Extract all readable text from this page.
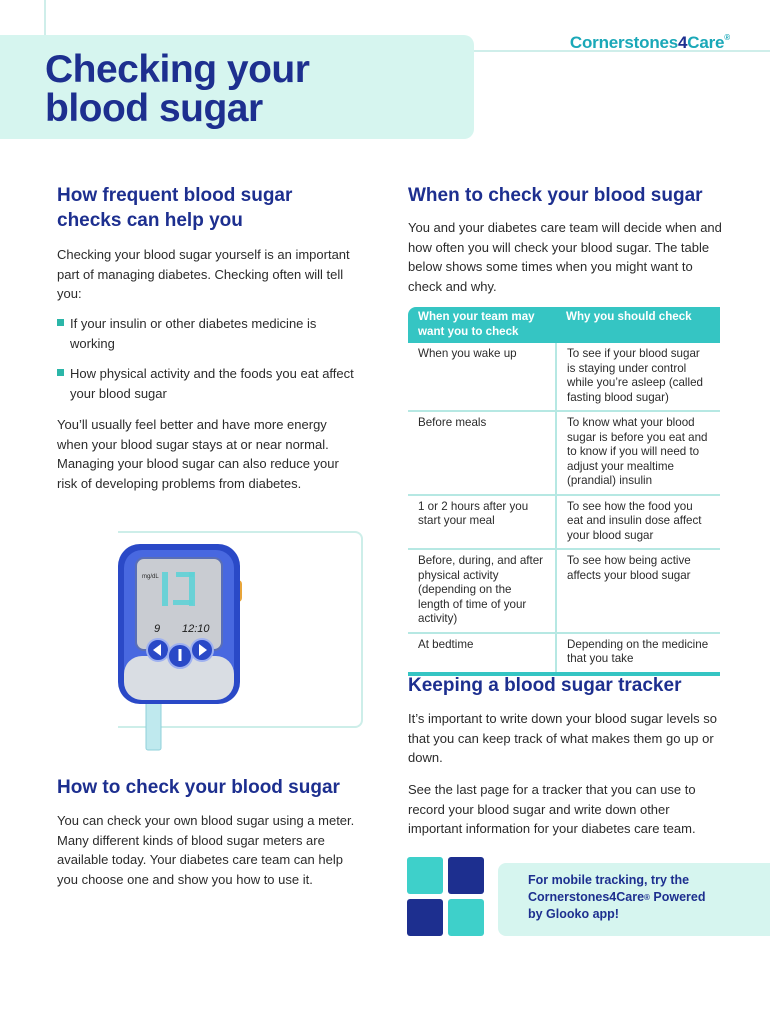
Checking your
blood sugar
Cornerstones4Care®
How frequent blood sugar checks can help you

Checking your blood sugar yourself is an important part of managing diabetes. Checking often will tell you:

If your insulin or other diabetes medicine is working
How physical activity and the foods you eat affect your blood sugar

You’ll usually feel better and have more energy when your blood sugar stays at or near normal. Managing your blood sugar can also reduce your risk of developing problems from diabetes.

mg/dL
9 12:10
How to check your blood sugar

You can check your own blood sugar using a meter. Many different kinds of blood sugar meters are available today. Your diabetes care team can help you choose one and show you how to use it.

When to check your blood sugar

You and your diabetes care team will decide when and how often you will check your blood sugar. The table below shows some times when you might want to check and why.

When your team may want you to check	Why you should check
When you wake up	To see if your blood sugar is staying under control while you’re asleep (called fasting blood sugar)
Before meals	To know what your blood sugar is before you eat and to know if you will need to adjust your mealtime (prandial) insulin
1 or 2 hours after you start your meal	To see how the food you eat and insulin dose affect your blood sugar
Before, during, and after physical activity (depending on the length of time of your activity)	To see how being active affects your blood sugar
At bedtime	Depending on the medicine that you take
Keeping a blood sugar tracker

It’s important to write down your blood sugar levels so that you can keep track of what makes them go up or down.

See the last page for a tracker that you can use to record your blood sugar and write down other important information for your diabetes care team.

For mobile tracking, try the
Cornerstones4Care® Powered
by Glooko app!
